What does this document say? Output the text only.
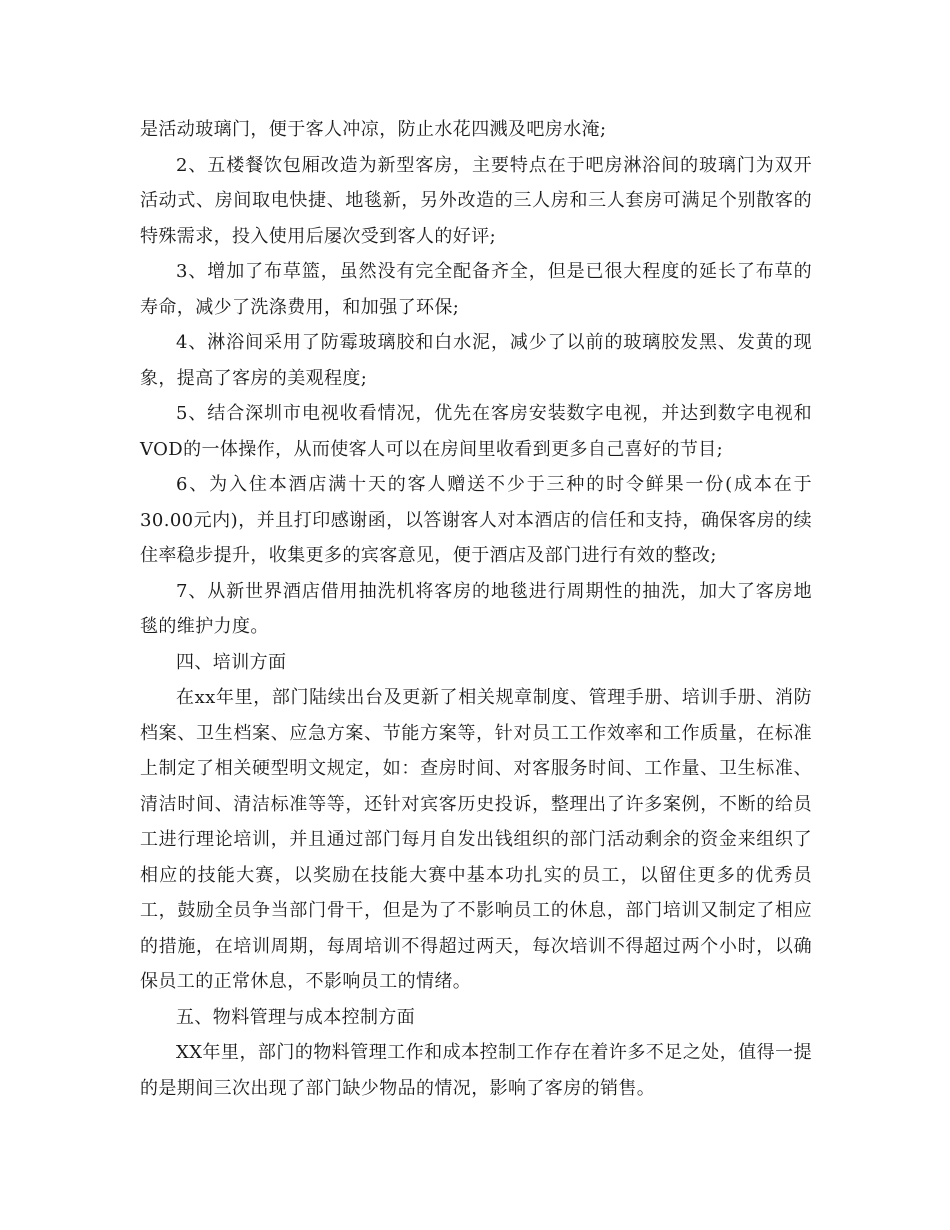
是活动玻璃门，便于客人冲凉，防止水花四溅及吧房水淹;

2、五楼餐饮包厢改造为新型客房，主要特点在于吧房淋浴间的玻璃门为双开活动式、房间取电快捷、地毯新，另外改造的三人房和三人套房可满足个别散客的特殊需求，投入使用后屡次受到客人的好评;

3、增加了布草篮，虽然没有完全配备齐全，但是已很大程度的延长了布草的寿命，减少了洗涤费用，和加强了环保;

4、淋浴间采用了防霉玻璃胶和白水泥，减少了以前的玻璃胶发黑、发黄的现象，提高了客房的美观程度;

5、结合深圳市电视收看情况，优先在客房安装数字电视，并达到数字电视和VOD的一体操作，从而使客人可以在房间里收看到更多自己喜好的节目;

6、为入住本酒店满十天的客人赠送不少于三种的时令鲜果一份(成本在于30.00元内)，并且打印感谢函，以答谢客人对本酒店的信任和支持，确保客房的续住率稳步提升，收集更多的宾客意见，便于酒店及部门进行有效的整改;

7、从新世界酒店借用抽洗机将客房的地毯进行周期性的抽洗，加大了客房地毯的维护力度。

四、培训方面

在xx年里，部门陆续出台及更新了相关规章制度、管理手册、培训手册、消防档案、卫生档案、应急方案、节能方案等，针对员工工作效率和工作质量，在标准上制定了相关硬型明文规定，如：查房时间、对客服务时间、工作量、卫生标准、清洁时间、清洁标准等等，还针对宾客历史投诉，整理出了许多案例，不断的给员工进行理论培训，并且通过部门每月自发出钱组织的部门活动剩余的资金来组织了相应的技能大赛，以奖励在技能大赛中基本功扎实的员工，以留住更多的优秀员工，鼓励全员争当部门骨干，但是为了不影响员工的休息，部门培训又制定了相应的措施，在培训周期，每周培训不得超过两天，每次培训不得超过两个小时，以确保员工的正常休息，不影响员工的情绪。

五、物料管理与成本控制方面

XX年里，部门的物料管理工作和成本控制工作存在着许多不足之处，值得一提的是期间三次出现了部门缺少物品的情况，影响了客房的销售。
